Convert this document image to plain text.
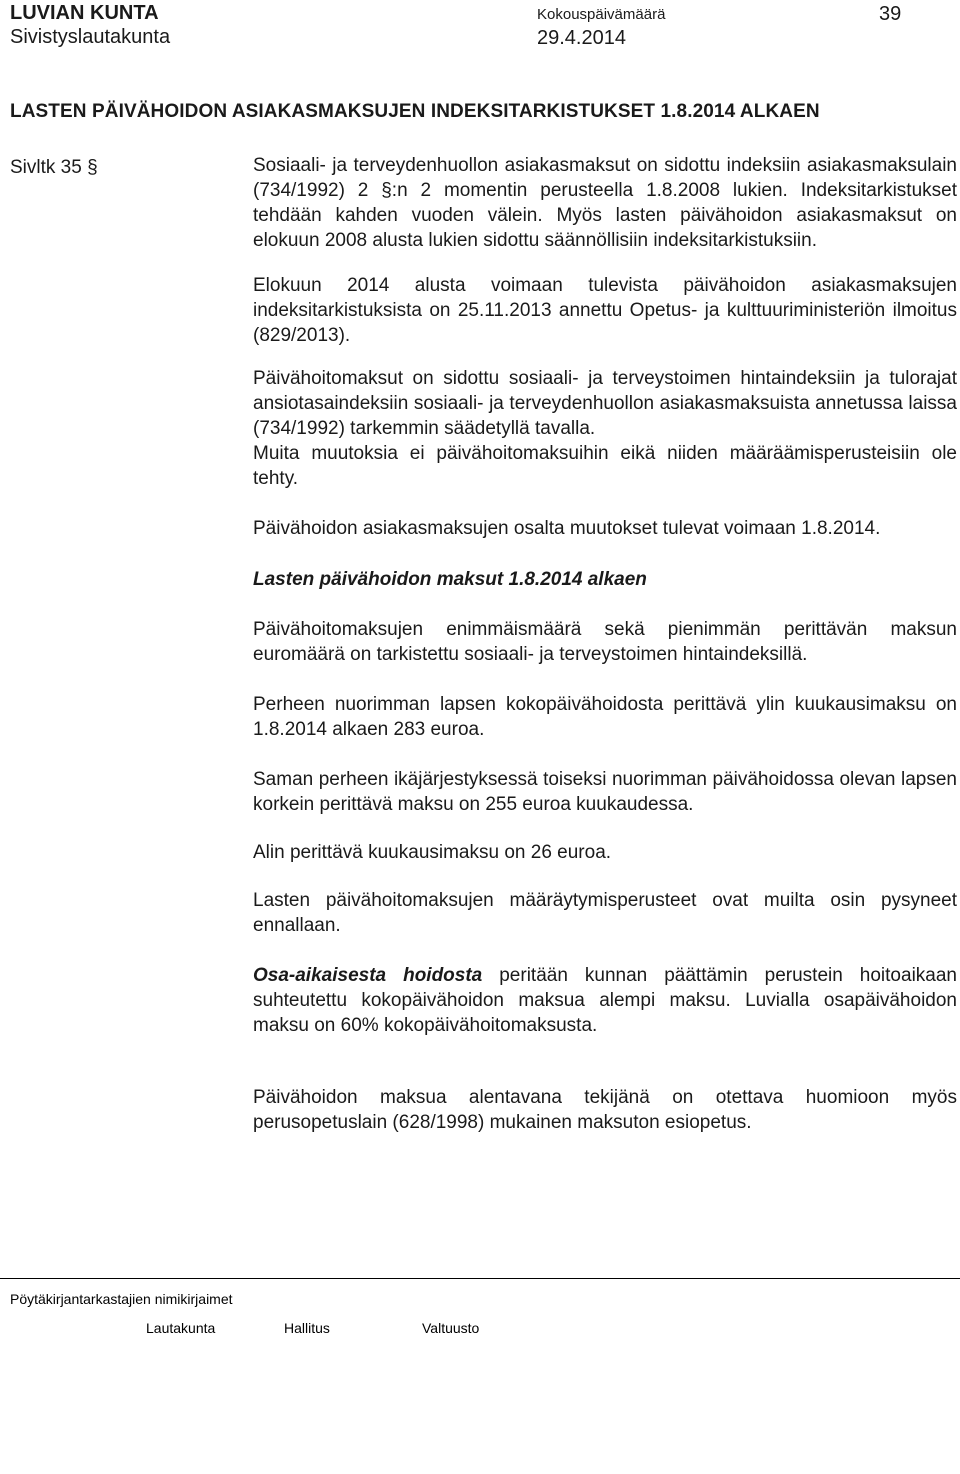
LUVIAN KUNTA
Sivistyslautakunta
Kokouspäivämäärä
29.4.2014
39
LASTEN PÄIVÄHOIDON ASIAKASMAKSUJEN INDEKSITARKISTUKSET 1.8.2014 ALKAEN
Sivltk 35 §	Sosiaali- ja terveydenhuollon asiakasmaksut on sidottu indeksiin asiakasmaksulain (734/1992) 2 §:n 2 momentin perusteella 1.8.2008 lukien. Indeksitarkistukset tehdään kahden vuoden välein. Myös lasten päivähoidon asiakasmaksut on elokuun 2008 alusta lukien sidottu säännöllisiin indeksitarkistuksiin.

Elokuun 2014 alusta voimaan tulevista päivähoidon asiakasmaksujen indeksitarkistuksista on 25.11.2013 annettu Opetus- ja kulttuuriministeriön ilmoitus (829/2013).

Päivähoitomaksut on sidottu sosiaali- ja terveystoimen hintaindeksiin ja tulorajat ansiotasaindeksiin sosiaali- ja terveydenhuollon asiakasmaksuista annetussa laissa (734/1992) tarkemmin säädetyllä tavalla.

Muita muutoksia ei päivähoitomaksuihin eikä niiden määräämisperusteisiin ole tehty.

Päivähoidon asiakasmaksujen osalta muutokset tulevat voimaan 1.8.2014.

Lasten päivähoidon maksut 1.8.2014 alkaen

Päivähoitomaksujen enimmäismäärä sekä pienimmän perittävän maksun euromäärä on tarkistettu sosiaali- ja terveystoimen hintaindeksillä.

Perheen nuorimman lapsen kokopäivähoidosta perittävä ylin kuukausimaksu on 1.8.2014 alkaen 283 euroa.

Saman perheen ikäjärjestyksessä toiseksi nuorimman päivähoidossa olevan lapsen korkein perittävä maksu on 255 euroa kuukaudessa.

Alin perittävä kuukausimaksu on 26 euroa.

Lasten päivähoitomaksujen määräytymisperusteet ovat muilta osin pysyneet ennallaan.

Osa-aikaisesta hoidosta peritään kunnan päättämin perustein hoitoaikaan suhteutettu kokopäivähoidon maksua alempi maksu. Luvialla osapäivähoidon maksu on 60% kokopäivähoitomaksusta.

Päivähoidon maksua alentavana tekijänä on otettava huomioon myös perusopetuslain (628/1998) mukainen maksuton esiopetus.

Pöytäkirjantarkastajien nimikirjaimet
Lautakunta	Hallitus	Valtuusto
